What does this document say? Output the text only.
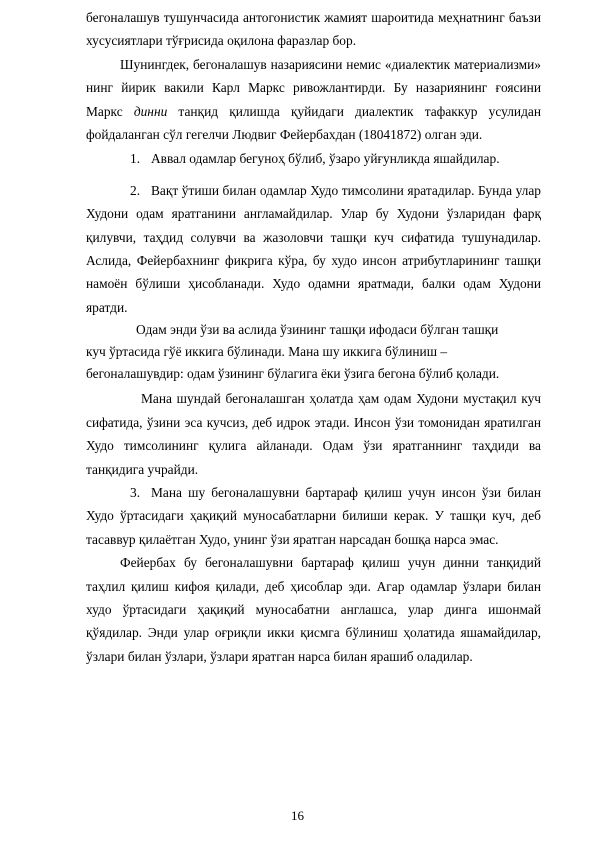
бегоналашув тушунчасида антогонистик жамият шароитида меҳнатнинг баъзи хусусиятлари тўғрисида оқилона фаразлар бор.

Шунингдек, бегоналашув назариясини немис «диалектик материализми» нинг йирик вакили Карл Маркс ривожлантирди. Бу назариянинг ғоясини Маркс динни танқид қилишда қуйидаги диалектик тафаккур усулидан фойдаланган сўл гегелчи Людвиг Фейербахдан (18041872) олган эди.

1. Аввал одамлар бегуноҳ бўлиб, ўзаро уйғунликда яшайдилар.

2. Вақт ўтиши билан одамлар Худо тимсолини яратадилар. Бунда улар Худони одам яратганини англамайдилар. Улар бу Худони ўзларидан фарқ қилувчи, таҳдид солувчи ва жазоловчи ташқи куч сифатида тушунадилар. Аслида, Фейербахнинг фикрига кўра, бу худо инсон атрибутларининг ташқи намоён бўлиши ҳисобланади. Худо одамни яратмади, балки одам Худони яратди.

Одам энди ўзи ва аслида ўзининг ташқи ифодаси бўлган ташқи
куч ўртасида гўё иккига бўлинади. Мана шу иккига бўлиниш –
бегоналашувдир: одам ўзининг бўлагига ёки ўзига бегона бўлиб қолади.

Мана шундай бегоналашган ҳолатда ҳам одам Худони мустақил куч сифатида, ўзини эса кучсиз, деб идрок этади. Инсон ўзи томонидан яратилган Худо тимсолининг қулига айланади. Одам ўзи яратганнинг таҳдиди ва танқидига учрайди.

3. Мана шу бегоналашувни бартараф қилиш учун инсон ўзи билан Худо ўртасидаги ҳақиқий муносабатларни билиши керак. У ташқи куч, деб тасаввур қилаётган Худо, унинг ўзи яратган нарсадан бошқа нарса эмас.

Фейербах бу бегоналашувни бартараф қилиш учун динни танқидий таҳлил қилиш кифоя қилади, деб ҳисоблар эди. Агар одамлар ўзлари билан худо ўртасидаги ҳақиқий муносабатни англашса, улар динга ишонмай қўядилар. Энди улар оғриқли икки қисмга бўлиниш ҳолатида яшамайдилар, ўзлари билан ўзлари, ўзлари яратган нарса билан ярашиб оладилар.

16
